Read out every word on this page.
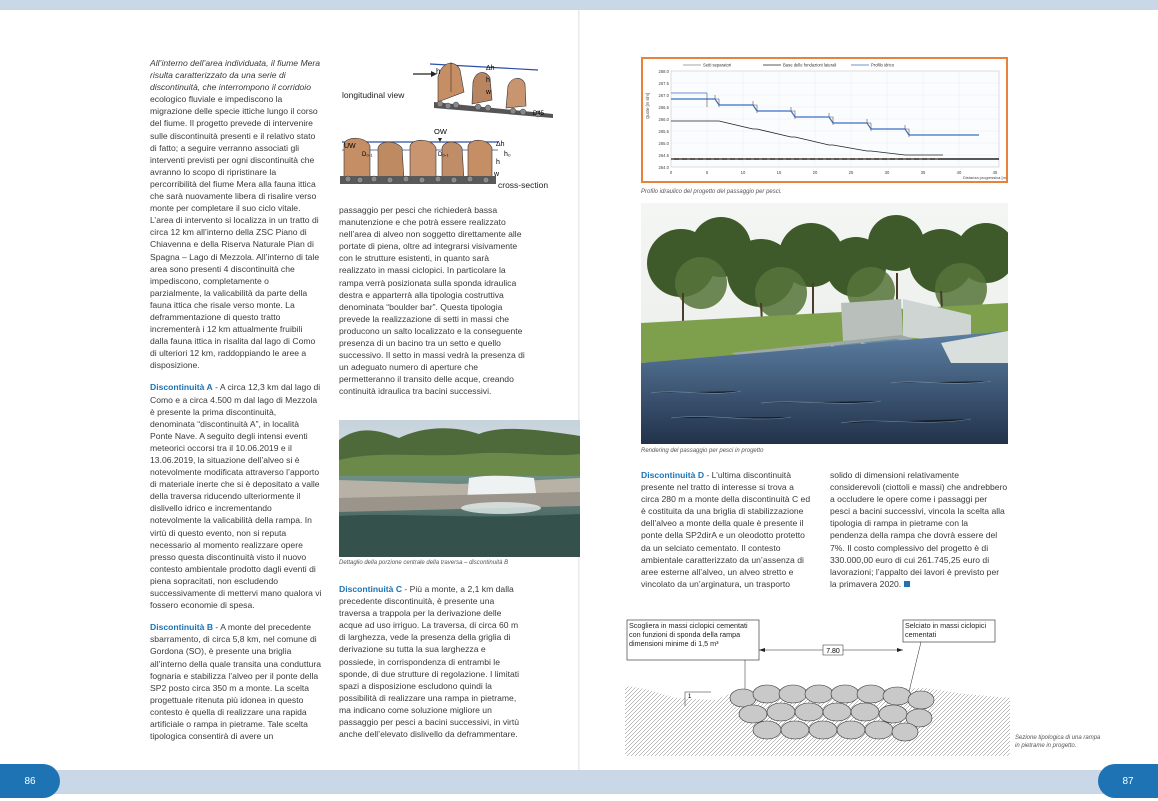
All’interno dell’area individuata, il fiume Mera risulta caratterizzato da una serie di discontinuità, che interrompono il corridoio ecologico fluviale e impediscono la migrazione delle specie ittiche lungo il corso del fiume. Il progetto prevede di intervenire sulle discontinuità presenti e il relativo stato di fatto; a seguire verranno associati gli interventi previsti per ogni discontinuità che avranno lo scopo di ripristinare la percorribilità del fiume Mera alla fauna ittica che sarà nuovamente libera di risalire verso monte per completare il suo ciclo vitale. L’area di intervento si localizza in un tratto di circa 12 km all’interno della ZSC Piano di Chiavenna e della Riserva Naturale Pian di Spagna – Lago di Mezzola. All’interno di tale area sono presenti 4 discontinuità che impediscono, completamente o parzialmente, la valicabilità da parte della fauna ittica che risale verso monte. La deframmentazione di questo tratto incrementerà i 12 km attualmente fruibili dalla fauna ittica in risalita dal lago di Como di ulteriori 12 km, raddoppiando le aree a disposizione.

Discontinuità A - A circa 12,3 km dal lago di Como e a circa 4.500 m dal lago di Mezzola è presente la prima discontinuità, denominata “discontinuità A”, in località Ponte Nave. A seguito degli intensi eventi meteorici occorsi tra il 10.06.2019 e il 13.06.2019, la situazione dell’alveo si è notevolmente modificata attraverso l’apporto di materiale inerte che si è depositato a valle della traversa riducendo ulteriormente il dislivello idrico e incrementando notevolmente la valicabilità della rampa. In virtù di questo evento, non si reputa necessario al momento realizzare opere presso questa discontinuità visto il nuovo contesto ambientale prodotto dagli eventi di piena sopracitati, non escludendo successivamente di mettervi mano qualora vi fossero economie di spesa.

Discontinuità B - A monte del precedente sbarramento, di circa 5,8 km, nel comune di Gordona (SO), è presente una briglia all’interno della quale transita una conduttura fognaria e stabilizza l’alveo per il ponte della SP2 posto circa 350 m a monte. La scelta progettuale ritenuta più idonea in questo contesto è quella di realizzare una rapida artificiale o rampa in pietrame. Tale scelta tipologica consentirà di avere un

h	Δh
h
w
D45
longitudinal view
OW
UW
D₀.₁	D₀.₁
Δh
h₀
h
w
cross-section

passaggio per pesci che richiederà bassa manutenzione e che potrà essere realizzato nell’area di alveo non soggetto direttamente alle portate di piena, oltre ad integrarsi visivamente con le strutture esistenti, in quanto sarà realizzato in massi ciclopici. In particolare la rampa verrà posizionata sulla sponda idraulica destra e apparterrà alla tipologia costruttiva denominata “boulder bar”. Questa tipologia prevede la realizzazione di setti in massi che producono un salto localizzato e la conseguente presenza di un bacino tra un setto e quello successivo. Il setto in massi vedrà la presenza di un adeguato numero di aperture che permetteranno il transito delle acque, creando continuità idraulica tra bacini successivi.

Dettaglio della porzione centrale della traversa – discontinuità B

Discontinuità C - Più a monte, a 2,1 km dalla precedente discontinuità, è presente una traversa a trappola per la derivazione delle acque ad uso irriguo. La traversa, di circa 60 m di larghezza, vede la presenza della griglia di derivazione su tutta la sua larghezza e possiede, in corrispondenza di entrambi le sponde, di due strutture di regolazione. I limitati spazi a disposizione escludono quindi la possibilità di realizzare una rampa in pietrame, ma indicano come soluzione migliore un passaggio per pesci a bacini successivi, in virtù anche dell’elevato dislivello da deframmentare.

Setti separatori	Base delle fondazioni laterali	Profilo idrico
268.0
267.5
267.0
266.5
266.0
265.5
265.0
264.5
264.0
Quote [m slm]
0	5	10	15	20	25	30	35	40	45
Distanza progressiva [m]
Profilo idraulico del progetto del passaggio per pesci.
Rendering del passaggio per pesci in progetto

Discontinuità D - L’ultima discontinuità presente nel tratto di interesse si trova a circa 280 m a monte della discontinuità C ed è costituita da una briglia di stabilizzazione dell’alveo a monte della quale è presente il ponte della SP2dirA e un oleodotto protetto da un selciato cementato. Il contesto ambientale caratterizzato da un’assenza di aree esterne all’alveo, un alveo stretto e vincolato da un’arginatura, un trasporto

solido di dimensioni relativamente considerevoli (ciottoli e massi) che andrebbero a occludere le opere come i passaggi per pesci a bacini successivi, vincola la scelta alla tipologia di rampa in pietrame con la pendenza della rampa che dovrà essere del 7%. Il costo complessivo del progetto è di 330.000,00 euro di cui 261.745,25 euro di lavorazioni; l’appalto dei lavori è previsto per la primavera 2020.

Scogliera in massi ciclopici cementati con funzioni di sponda della rampa dimensioni minime di 1,5 m³
Selciato in massi ciclopici cementati
7.80
1
Sezione tipologica di una rampa in pietrame in progetto.
86	87
